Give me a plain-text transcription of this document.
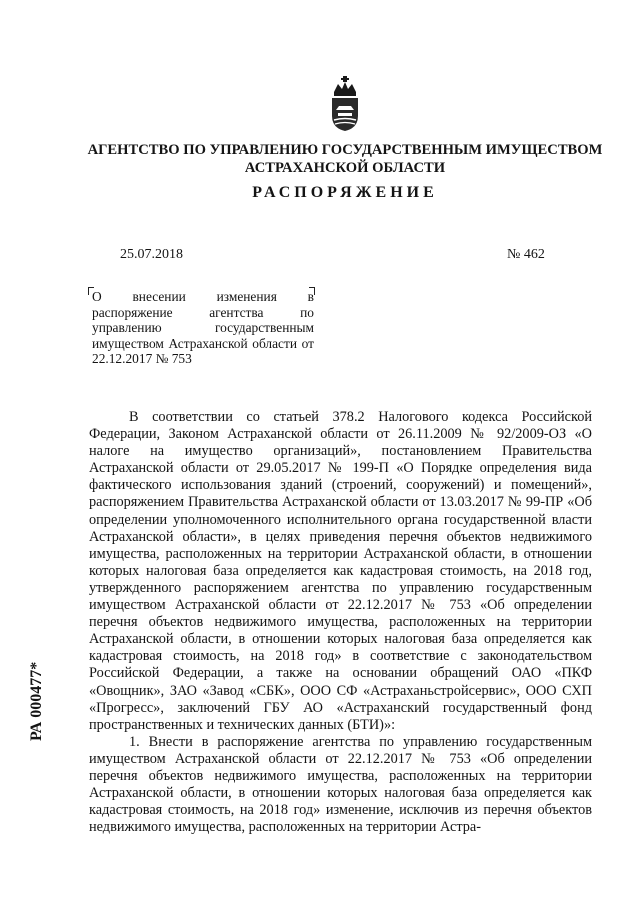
АГЕНТСТВО ПО УПРАВЛЕНИЮ ГОСУДАРСТВЕННЫМ ИМУЩЕСТВОМ
АСТРАХАНСКОЙ ОБЛАСТИ
РАСПОРЯЖЕНИЕ
25.07.2018	№ 462
О внесении изменения в распоряжение агентства по управлению государственным имуществом Астраханской области от 22.12.2017 № 753

В соответствии со статьей 378.2 Налогового кодекса Российской Федерации, Законом Астраханской области от 26.11.2009 № 92/2009-ОЗ «О налоге на имущество организаций», постановлением Правительства Астраханской области от 29.05.2017 № 199-П «О Порядке определения вида фактического использования зданий (строений, сооружений) и помещений», распоряжением Правительства Астраханской области от 13.03.2017 № 99-ПР «Об определении уполномоченного исполнительного органа государственной власти Астраханской области», в целях приведения перечня объектов недвижимого имущества, расположенных на территории Астраханской области, в отношении которых налоговая база определяется как кадастровая стоимость, на 2018 год, утвержденного распоряжением агентства по управлению государственным имуществом Астраханской области от 22.12.2017 № 753 «Об определении перечня объектов недвижимого имущества, расположенных на территории Астраханской области, в отношении которых налоговая база определяется как кадастровая стоимость, на 2018 год» в соответствие с законодательством Российской Федерации, а также на основании обращений ОАО «ПКФ «Овощник», ЗАО «Завод «СБК», ООО СФ «Астраханьстройсервис», ООО СХП «Прогресс», заключений ГБУ АО «Астраханский государственный фонд пространственных и технических данных (БТИ)»:

1. Внести в распоряжение агентства по управлению государственным имуществом Астраханской области от 22.12.2017 № 753 «Об определении перечня объектов недвижимого имущества, расположенных на территории Астраханской области, в отношении которых налоговая база определяется как кадастровая стоимость, на 2018 год» изменение, исключив из перечня объектов недвижимого имущества, расположенных на территории Астра-

РА 000477*
